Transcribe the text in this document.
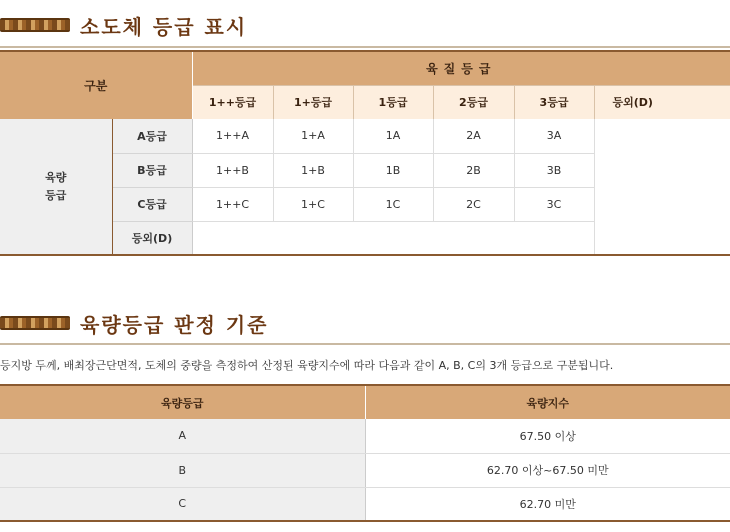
소도체 등급 표시
구분		육질등급					
		1++등급	1+등급	1등급	2등급	3등급	등외(D)
육량
등급	A등급	1++A	1+A	1A	2A	3A	
	B등급	1++B	1+B	1B	2B	3B	
	C등급	1++C	1+C	1C	2C	3C	
	등외(D)						
육량등급 판정 기준
등지방 두께, 배최장근단면적, 도체의 중량을 측정하여 산정된 육량지수에 따라 다음과 같이 A, B, C의 3개 등급으로 구분됩니다.
육량등급	육량지수
A	67.50 이상
B	62.70 이상~67.50 미만
C	62.70 미만
